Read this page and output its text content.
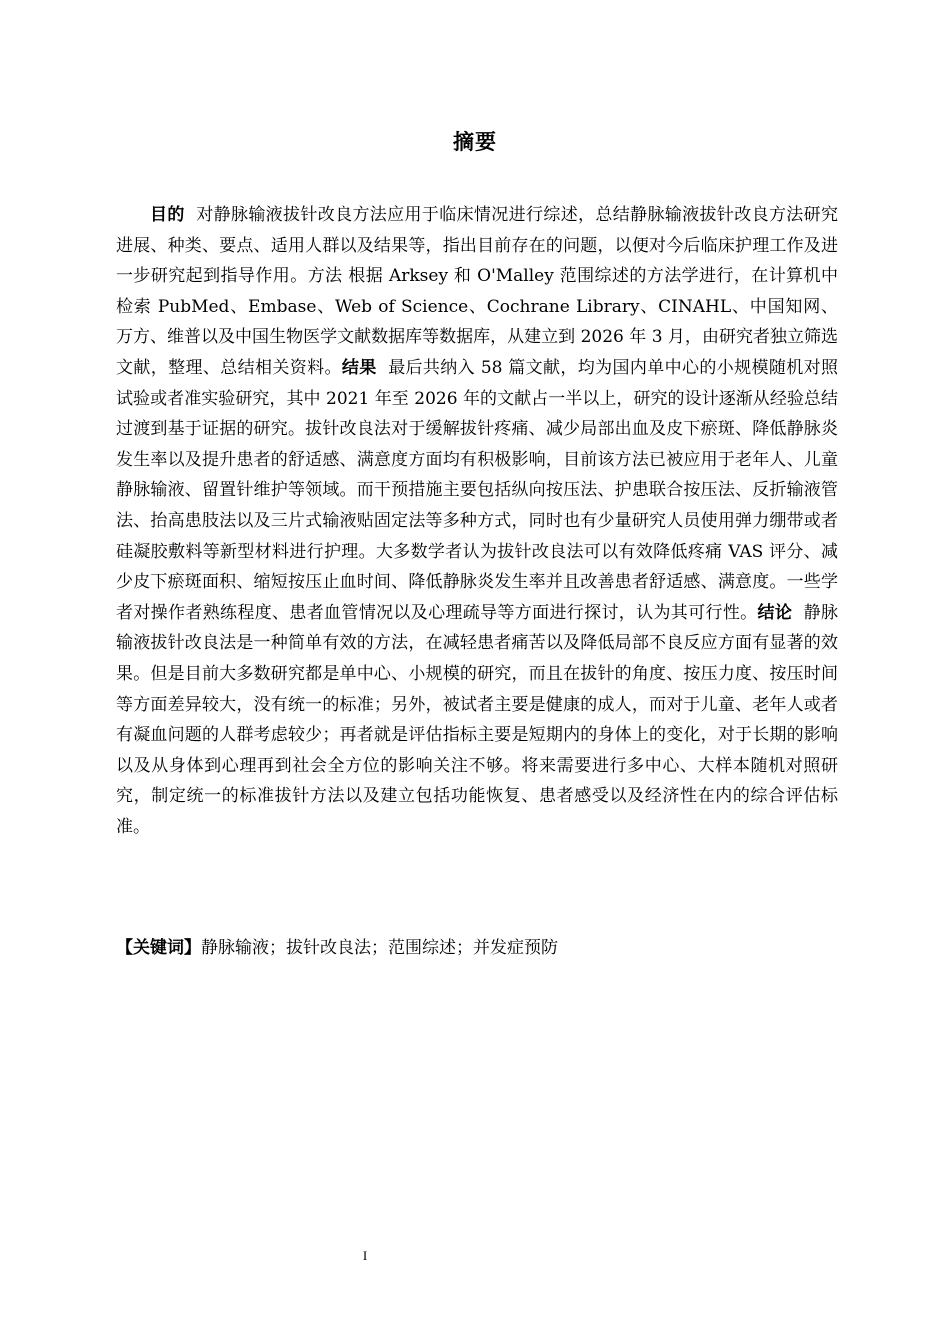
摘要

目的 对静脉输液拔针改良方法应用于临床情况进行综述，总结静脉输液拔针改良方法研究进展、种类、要点、适用人群以及结果等，指出目前存在的问题，以便对今后临床护理工作及进一步研究起到指导作用。方法 根据 Arksey 和 O'Malley 范围综述的方法学进行，在计算机中检索 PubMed、Embase、Web of Science、Cochrane Library、CINAHL、中国知网、万方、维普以及中国生物医学文献数据库等数据库，从建立到 2026 年 3 月，由研究者独立筛选文献，整理、总结相关资料。结果 最后共纳入 58 篇文献，均为国内单中心的小规模随机对照试验或者准实验研究，其中 2021 年至 2026 年的文献占一半以上，研究的设计逐渐从经验总结过渡到基于证据的研究。拔针改良法对于缓解拔针疼痛、减少局部出血及皮下瘀斑、降低静脉炎发生率以及提升患者的舒适感、满意度方面均有积极影响，目前该方法已被应用于老年人、儿童静脉输液、留置针维护等领域。而干预措施主要包括纵向按压法、护患联合按压法、反折输液管法、抬高患肢法以及三片式输液贴固定法等多种方式，同时也有少量研究人员使用弹力绷带或者硅凝胶敷料等新型材料进行护理。大多数学者认为拔针改良法可以有效降低疼痛 VAS 评分、减少皮下瘀斑面积、缩短按压止血时间、降低静脉炎发生率并且改善患者舒适感、满意度。一些学者对操作者熟练程度、患者血管情况以及心理疏导等方面进行探讨，认为其可行性。结论 静脉输液拔针改良法是一种简单有效的方法，在减轻患者痛苦以及降低局部不良反应方面有显著的效果。但是目前大多数研究都是单中心、小规模的研究，而且在拔针的角度、按压力度、按压时间等方面差异较大，没有统一的标准；另外，被试者主要是健康的成人，而对于儿童、老年人或者有凝血问题的人群考虑较少；再者就是评估指标主要是短期内的身体上的变化，对于长期的影响以及从身体到心理再到社会全方位的影响关注不够。将来需要进行多中心、大样本随机对照研究，制定统一的标准拔针方法以及建立包括功能恢复、患者感受以及经济性在内的综合评估标准。

【关键词】静脉输液；拔针改良法；范围综述；并发症预防

I
